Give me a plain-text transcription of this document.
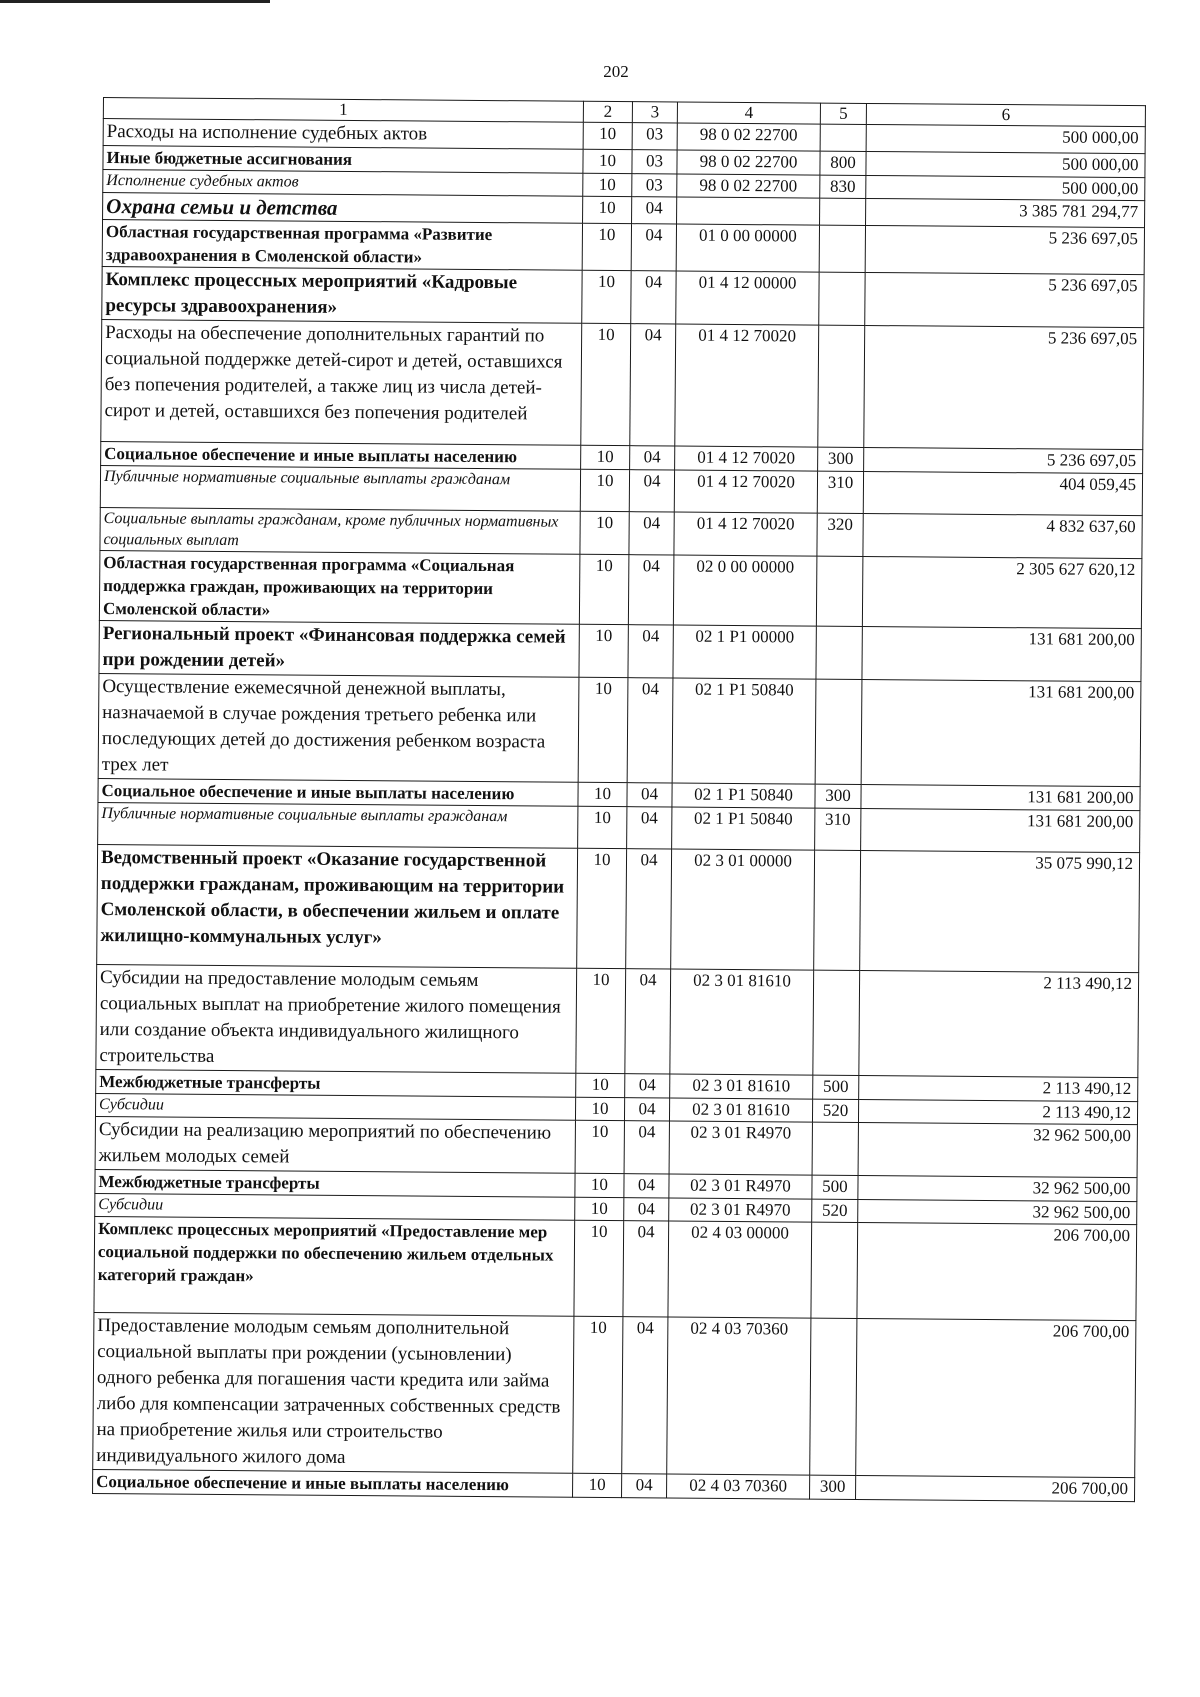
202
1	2	3	4	5	6
Расходы на исполнение судебных актов	10	03	98 0 02 22700		500 000,00
Иные бюджетные ассигнования	10	03	98 0 02 22700	800	500 000,00
Исполнение судебных актов	10	03	98 0 02 22700	830	500 000,00
Охрана семьи и детства	10	04			3 385 781 294,77
Областная государственная программа «Развитие здравоохранения в Смоленской области»	10	04	01 0 00 00000		5 236 697,05
Комплекс процессных мероприятий «Кадровые ресурсы здравоохранения»	10	04	01 4 12 00000		5 236 697,05
Расходы на обеспечение дополнительных гарантий по социальной поддержке детей-сирот и детей, оставшихся без попечения родителей, а также лиц из числа детей-сирот и детей, оставшихся без попечения родителей	10	04	01 4 12 70020		5 236 697,05
Социальное обеспечение и иные выплаты населению	10	04	01 4 12 70020	300	5 236 697,05
Публичные нормативные социальные выплаты гражданам	10	04	01 4 12 70020	310	404 059,45
Социальные выплаты гражданам, кроме публичных нормативных социальных выплат	10	04	01 4 12 70020	320	4 832 637,60
Областная государственная программа «Социальная поддержка граждан, проживающих на территории Смоленской области»	10	04	02 0 00 00000		2 305 627 620,12
Региональный проект «Финансовая поддержка семей при рождении детей»	10	04	02 1 P1 00000		131 681 200,00
Осуществление ежемесячной денежной выплаты, назначаемой в случае рождения третьего ребенка или последующих детей до достижения ребенком возраста трех лет	10	04	02 1 P1 50840		131 681 200,00
Социальное обеспечение и иные выплаты населению	10	04	02 1 P1 50840	300	131 681 200,00
Публичные нормативные социальные выплаты гражданам	10	04	02 1 P1 50840	310	131 681 200,00
Ведомственный проект «Оказание государственной поддержки гражданам, проживающим на территории Смоленской области, в обеспечении жильем и оплате жилищно-коммунальных услуг»	10	04	02 3 01 00000		35 075 990,12
Субсидии на предоставление молодым семьям социальных выплат на приобретение жилого помещения или создание объекта индивидуального жилищного строительства	10	04	02 3 01 81610		2 113 490,12
Межбюджетные трансферты	10	04	02 3 01 81610	500	2 113 490,12
Субсидии	10	04	02 3 01 81610	520	2 113 490,12
Субсидии на реализацию мероприятий по обеспечению жильем молодых семей	10	04	02 3 01 R4970		32 962 500,00
Межбюджетные трансферты	10	04	02 3 01 R4970	500	32 962 500,00
Субсидии	10	04	02 3 01 R4970	520	32 962 500,00
Комплекс процессных мероприятий «Предоставление мер социальной поддержки по обеспечению жильем отдельных категорий граждан»	10	04	02 4 03 00000		206 700,00
Предоставление молодым семьям дополнительной социальной выплаты при рождении (усыновлении) одного ребенка для погашения части кредита или займа либо для компенсации затраченных собственных средств на приобретение жилья или строительство индивидуального жилого дома	10	04	02 4 03 70360		206 700,00
Социальное обеспечение и иные выплаты населению	10	04	02 4 03 70360	300	206 700,00
